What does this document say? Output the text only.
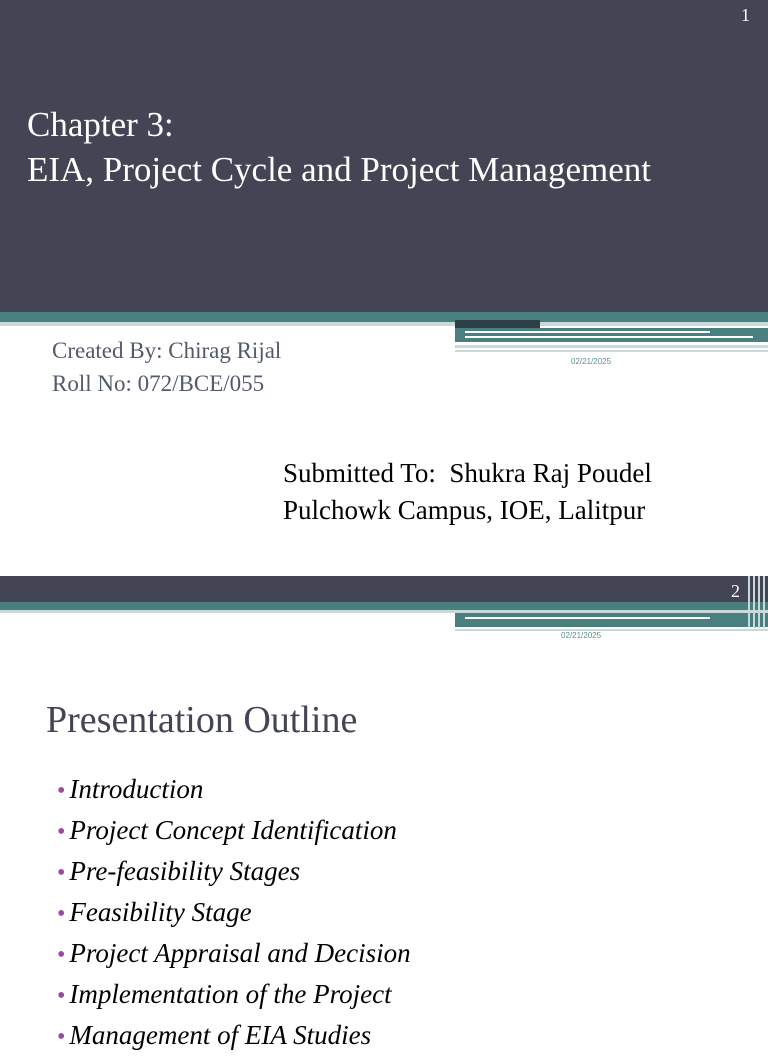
1
Chapter 3:
EIA, Project Cycle and Project Management
02/21/2025
Created By: Chirag Rijal
Roll No: 072/BCE/055
Submitted To:  Shukra Raj Poudel
Pulchowk Campus, IOE, Lalitpur
2
02/21/2025
Presentation Outline
• Introduction
• Project Concept Identification
• Pre-feasibility Stages
• Feasibility Stage
• Project Appraisal and Decision
• Implementation of the Project
• Management of EIA Studies
